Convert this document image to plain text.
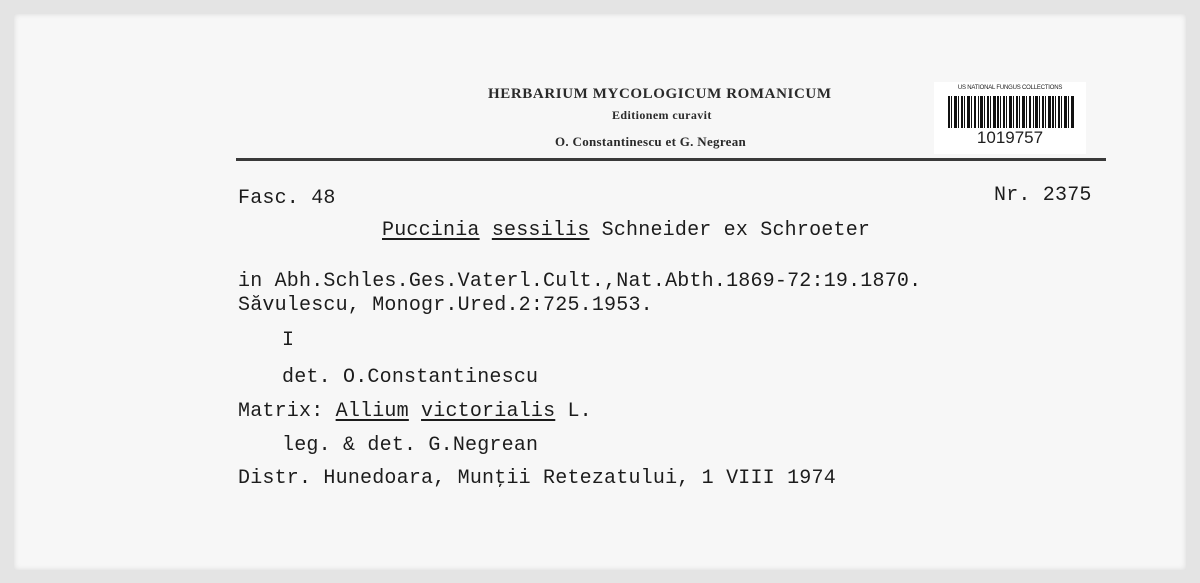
HERBARIUM MYCOLOGICUM ROMANICUM
Editionem curavit
O. Constantinescu et G. Negrean
US NATIONAL FUNGUS COLLECTIONS
1019757
Fasc. 48	Nr. 2375
Puccinia sessilis Schneider ex Schroeter
in Abh.Schles.Ges.Vaterl.Cult.,Nat.Abth.1869-72:19.1870.
Săvulescu, Monogr.Ured.2:725.1953.
I
det. O.Constantinescu
Matrix: Allium victorialis L.
leg. & det. G.Negrean
Distr. Hunedoara, Munţii Retezatului, 1 VIII 1974
